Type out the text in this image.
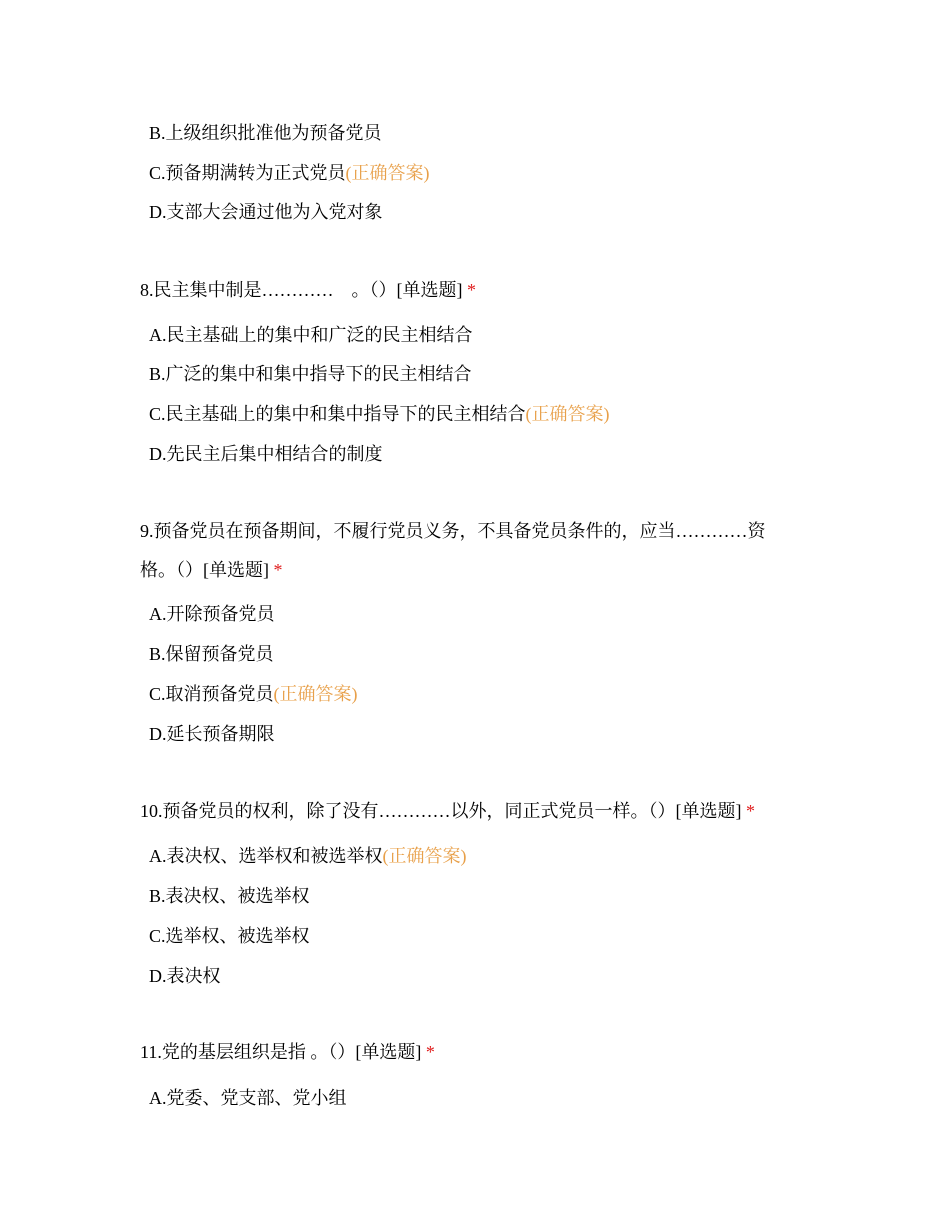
B.上级组织批准他为预备党员
C.预备期满转为正式党员(正确答案)
D.支部大会通过他为入党对象
8.民主集中制是…………　。（）[单选题] *
A.民主基础上的集中和广泛的民主相结合
B.广泛的集中和集中指导下的民主相结合
C.民主基础上的集中和集中指导下的民主相结合(正确答案)
D.先民主后集中相结合的制度
9.预备党员在预备期间，不履行党员义务，不具备党员条件的，应当…………资
格。（）[单选题] *
A.开除预备党员
B.保留预备党员
C.取消预备党员(正确答案)
D.延长预备期限
10.预备党员的权利，除了没有…………以外，同正式党员一样。（）[单选题] *
A.表决权、选举权和被选举权(正确答案)
B.表决权、被选举权
C.选举权、被选举权
D.表决权
11.党的基层组织是指 。（）[单选题] *
A.党委、党支部、党小组
